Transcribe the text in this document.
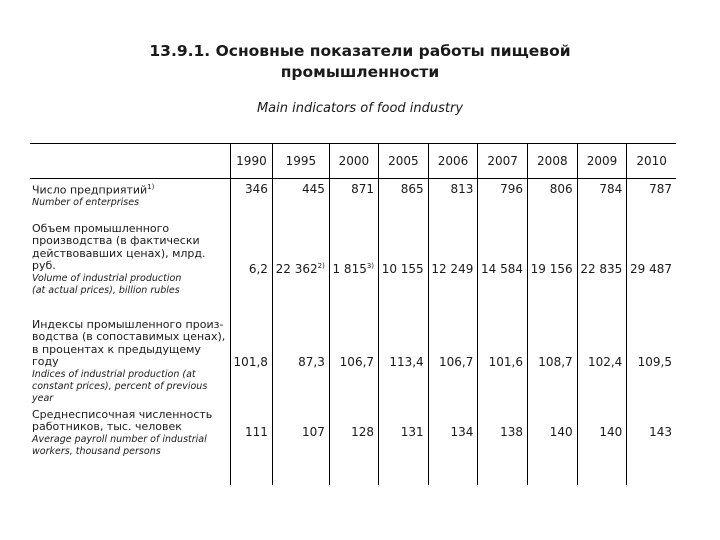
13.9.1. Основные показатели работы пищевой
промышленности
Main indicators of food industry
	1990	1995	2000	2005	2006	2007	2008	2009	2010

Число предприятий$^{1)}$
Number of enterprises	346	445	871	865	813	796	806	784	787

Объем промышленного
производства (в фактически
действовавших ценах), млрд. руб.
Volume of industrial production
(at actual prices), billion rubles	6,2	22 362$^{2)}$	1 815$^{3)}$	10 155	12 249	14 584	19 156	22 835	29 487

Индексы промышленного произ-
водства (в сопоставимых ценах),
в процентах к предыдущему году
Indices of industrial production (at
constant prices), percent of previous year	101,8	87,3	106,7	113,4	106,7	101,6	108,7	102,4	109,5

Среднесписочная численность
работников, тыс. человек
Average payroll number of industrial
workers, thousand persons	111	107	128	131	134	138	140	140	143
